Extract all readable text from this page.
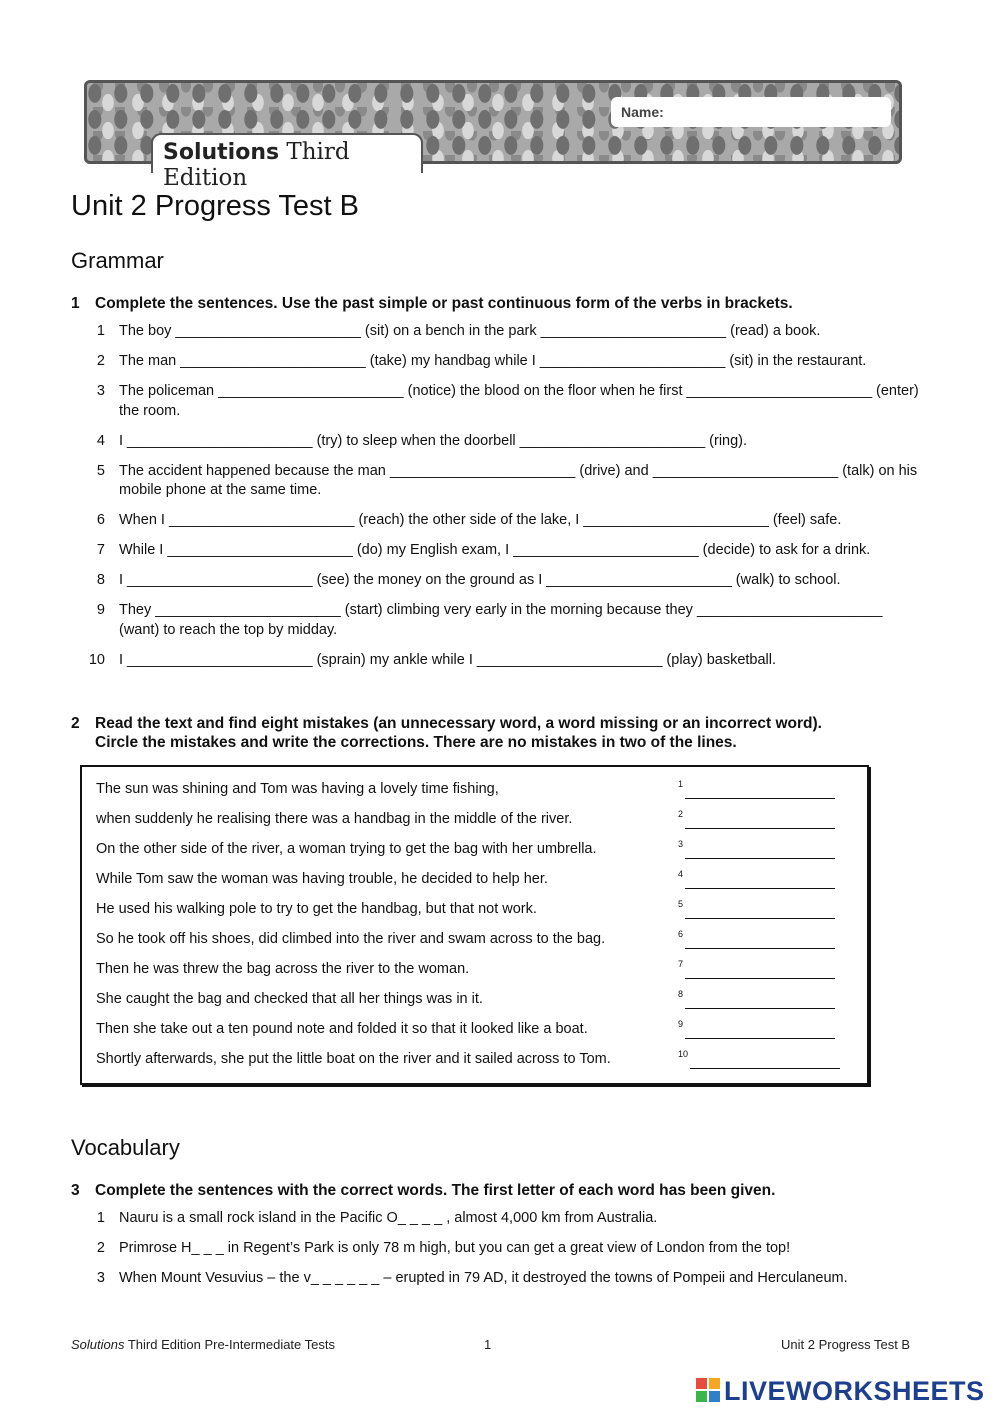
Solutions Third Edition
Name:
Unit 2 Progress Test B
Grammar
1 Complete the sentences. Use the past simple or past continuous form of the verbs in brackets.
1 The boy _______________________ (sit) on a bench in the park _______________________ (read) a book.
2 The man _______________________ (take) my handbag while I _______________________ (sit) in the restaurant.
3 The policeman _______________________ (notice) the blood on the floor when he first _______________________ (enter) the room.
4 I _______________________ (try) to sleep when the doorbell _______________________ (ring).
5 The accident happened because the man _______________________ (drive) and _______________________ (talk) on his mobile phone at the same time.
6 When I _______________________ (reach) the other side of the lake, I _______________________ (feel) safe.
7 While I _______________________ (do) my English exam, I _______________________ (decide) to ask for a drink.
8 I _______________________ (see) the money on the ground as I _______________________ (walk) to school.
9 They _______________________ (start) climbing very early in the morning because they _______________________ (want) to reach the top by midday.
10 I _______________________ (sprain) my ankle while I _______________________ (play) basketball.
2 Read the text and find eight mistakes (an unnecessary word, a word missing or an incorrect word).
Circle the mistakes and write the corrections. There are no mistakes in two of the lines.
The sun was shining and Tom was having a lovely time fishing,	$^1$
when suddenly he realising there was a handbag in the middle of the river.	$^2$
On the other side of the river, a woman trying to get the bag with her umbrella.	$^3$
While Tom saw the woman was having trouble, he decided to help her.	$^4$
He used his walking pole to try to get the handbag, but that not work.	$^5$
So he took off his shoes, did climbed into the river and swam across to the bag.	$^6$
Then he was threw the bag across the river to the woman.	$^7$
She caught the bag and checked that all her things was in it.	$^8$
Then she take out a ten pound note and folded it so that it looked like a boat.	$^9$
Shortly afterwards, she put the little boat on the river and it sailed across to Tom.	$^{10}$
Vocabulary
3 Complete the sentences with the correct words. The first letter of each word has been given.
1 Nauru is a small rock island in the Pacific O_ _ _ _ , almost 4,000 km from Australia.
2 Primrose H_ _ _ in Regent’s Park is only 78 m high, but you can get a great view of London from the top!
3 When Mount Vesuvius – the v_ _ _ _ _ _ – erupted in 79 AD, it destroyed the towns of Pompeii and Herculaneum.
Solutions Third Edition Pre-Intermediate Tests	1	Unit 2 Progress Test B
LIVEWORKSHEETS
